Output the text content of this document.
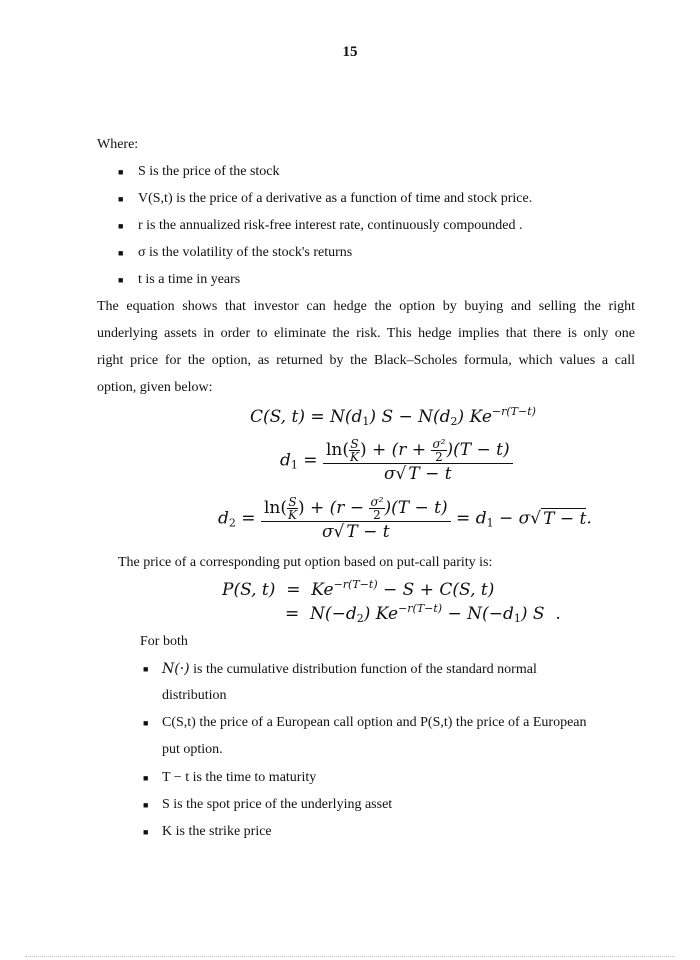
15
Where:
■ S is the price of the stock
■ V(S,t) is the price of a derivative as a function of time and stock price.
■ r is the annualized risk-free interest rate, continuously compounded .
■ σ is the volatility of the stock's returns
■ t is a time in years
The equation shows that investor can hedge the option by buying and selling the right
underlying assets in order to eliminate the risk. This hedge implies that there is only one
right price for the option, as returned by the Black–Scholes formula, which values a call
option, given below:
C(S, $t) = N(d_1) S - N(d_2)$ $Ke^{-r(T-t)}$
$d_1 = \frac{\ln( \frac{S}{K} ) + (r + \frac{\text{σ²}}{2} )(T - t)}{\sigma√ T - t}$
$d_2 = \frac{\ln( \frac{S}{K} ) + (r - \frac{\text{σ²}}{2} )(T - t)}{\sigma√ T - t} = d_1 - \sigma√$ T − t.
The price of a corresponding put option based on put-call parity is:
P(S, $t) = Ke^{-r(T-t)} - S + C(S$, t)
=  $N(-d_2) Ke^{-r(T-t)} - N(-d_1)$ S  .
For both
■ N(·) is the cumulative distribution function of the standard normal
distribution
■ C(S,t) the price of a European call option and P(S,t) the price of a European
put option.
■ T − t is the time to maturity
■ S is the spot price of the underlying asset
■ K is the strike price
